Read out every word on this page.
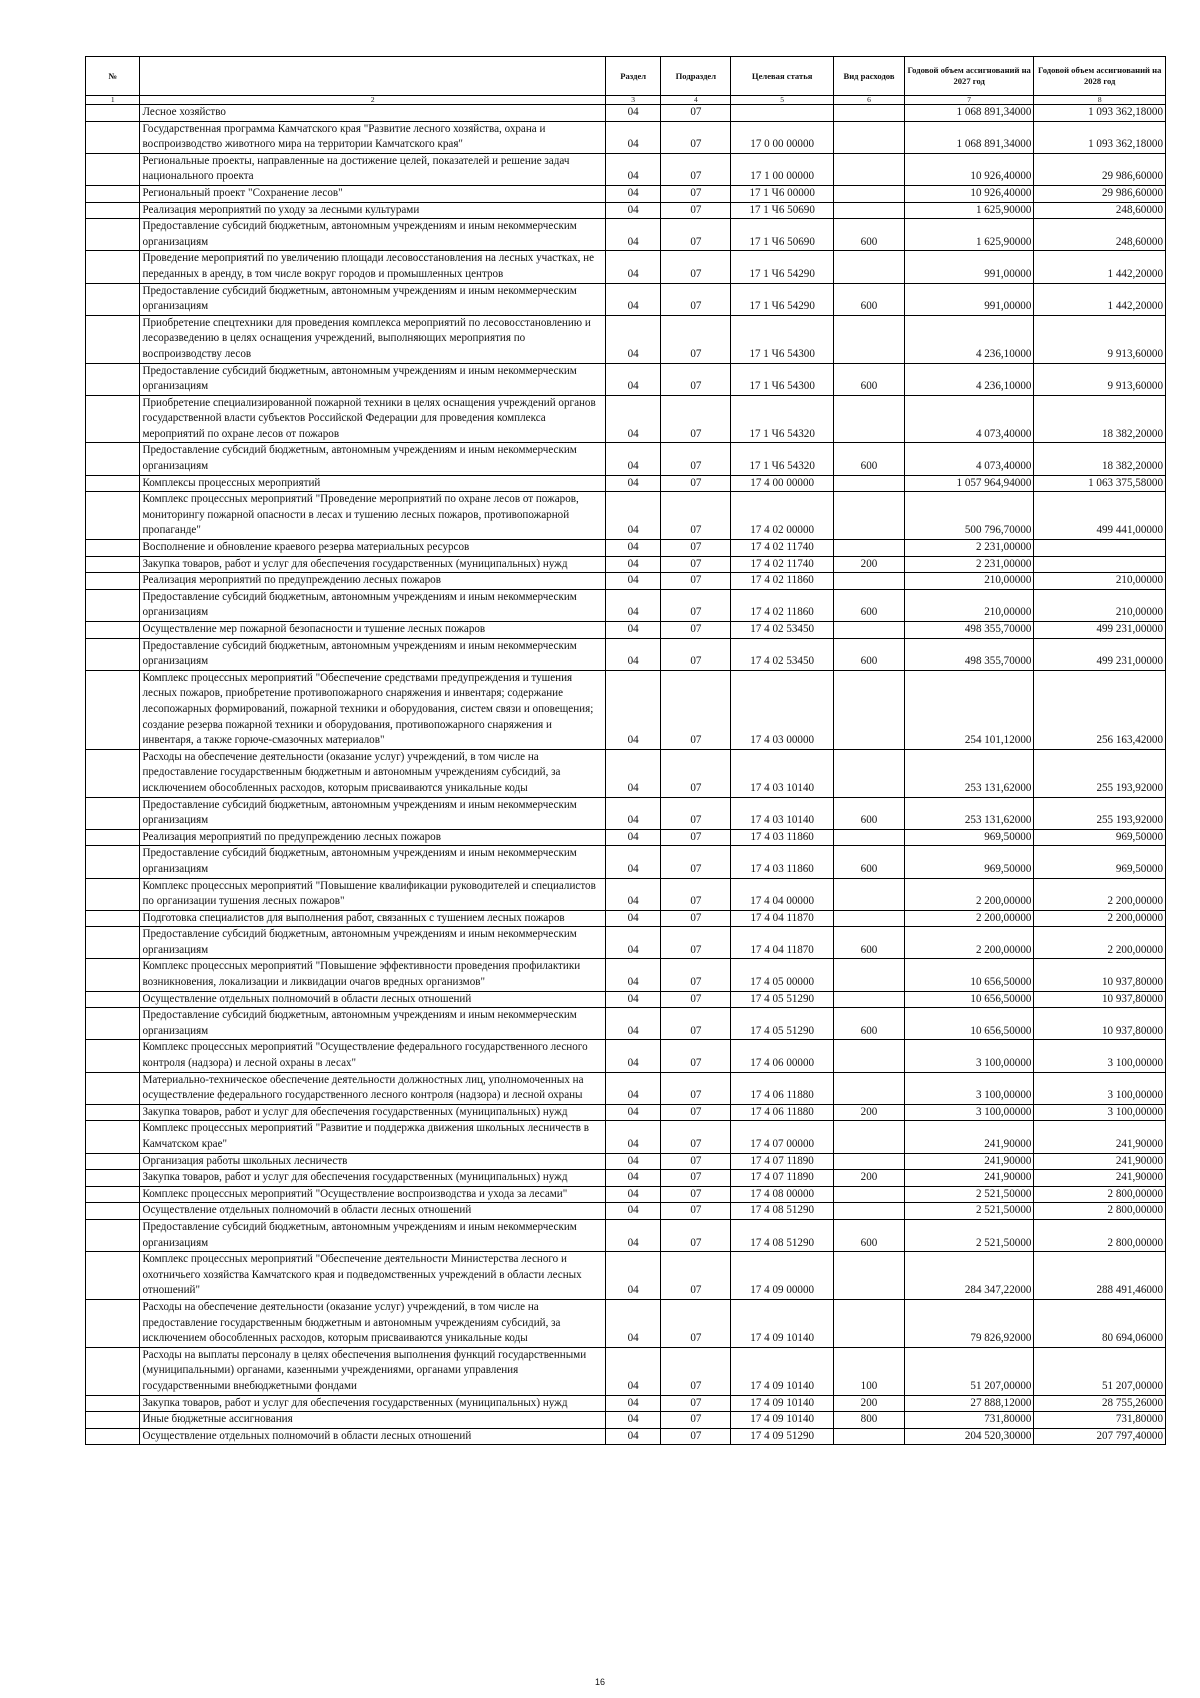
№		Раздел	Подраздел	Целевая статья	Вид расходов	Годовой объем ассигнований на 2027 год	Годовой объем ассигнований на 2028 год
1	2	3	4	5	6	7	8
	Лесное хозяйство	04	07			1 068 891,34000	1 093 362,18000
	Государственная программа Камчатского края "Развитие лесного хозяйства, охрана и воспроизводство животного мира на территории Камчатского края"	04	07	17 0 00 00000		1 068 891,34000	1 093 362,18000
	Региональные проекты, направленные на достижение целей, показателей и решение задач национального проекта	04	07	17 1 00 00000		10 926,40000	29 986,60000
	Региональный проект "Сохранение лесов"	04	07	17 1 Ч6 00000		10 926,40000	29 986,60000
	Реализация мероприятий по уходу за лесными культурами	04	07	17 1 Ч6 50690		1 625,90000	248,60000
	Предоставление субсидий бюджетным, автономным учреждениям и иным некоммерческим организациям	04	07	17 1 Ч6 50690	600	1 625,90000	248,60000
	Проведение мероприятий по увеличению площади лесовосстановления на лесных участках, не переданных в аренду, в том числе вокруг городов и промышленных центров	04	07	17 1 Ч6 54290		991,00000	1 442,20000
	Предоставление субсидий бюджетным, автономным учреждениям и иным некоммерческим организациям	04	07	17 1 Ч6 54290	600	991,00000	1 442,20000
	Приобретение спецтехники для проведения комплекса мероприятий по лесовосстановлению и лесоразведению в целях оснащения учреждений, выполняющих мероприятия по воспроизводству лесов	04	07	17 1 Ч6 54300		4 236,10000	9 913,60000
	Предоставление субсидий бюджетным, автономным учреждениям и иным некоммерческим организациям	04	07	17 1 Ч6 54300	600	4 236,10000	9 913,60000
	Приобретение специализированной пожарной техники в целях оснащения учреждений органов государственной власти субъектов Российской Федерации для проведения комплекса мероприятий по охране лесов от пожаров	04	07	17 1 Ч6 54320		4 073,40000	18 382,20000
	Предоставление субсидий бюджетным, автономным учреждениям и иным некоммерческим организациям	04	07	17 1 Ч6 54320	600	4 073,40000	18 382,20000
	Комплексы процессных мероприятий	04	07	17 4 00 00000		1 057 964,94000	1 063 375,58000
	Комплекс процессных мероприятий "Проведение мероприятий по охране лесов от пожаров, мониторингу пожарной опасности в лесах и тушению лесных пожаров, противопожарной пропаганде"	04	07	17 4 02 00000		500 796,70000	499 441,00000
	Восполнение и обновление краевого резерва материальных ресурсов	04	07	17 4 02 11740		2 231,00000	
	Закупка товаров, работ и услуг для обеспечения государственных (муниципальных) нужд	04	07	17 4 02 11740	200	2 231,00000	
	Реализация мероприятий по предупреждению лесных пожаров	04	07	17 4 02 11860		210,00000	210,00000
	Предоставление субсидий бюджетным, автономным учреждениям и иным некоммерческим организациям	04	07	17 4 02 11860	600	210,00000	210,00000
	Осуществление мер пожарной безопасности и тушение лесных пожаров	04	07	17 4 02 53450		498 355,70000	499 231,00000
	Предоставление субсидий бюджетным, автономным учреждениям и иным некоммерческим организациям	04	07	17 4 02 53450	600	498 355,70000	499 231,00000
	Комплекс процессных мероприятий "Обеспечение средствами предупреждения и тушения лесных пожаров, приобретение противопожарного снаряжения и инвентаря; содержание лесопожарных формирований, пожарной техники и оборудования, систем связи и оповещения; создание резерва пожарной техники и оборудования, противопожарного снаряжения и инвентаря, а также горюче-смазочных материалов"	04	07	17 4 03 00000		254 101,12000	256 163,42000
	Расходы на обеспечение деятельности (оказание услуг) учреждений, в том числе на предоставление государственным бюджетным и автономным учреждениям субсидий, за исключением обособленных расходов, которым присваиваются уникальные коды	04	07	17 4 03 10140		253 131,62000	255 193,92000
	Предоставление субсидий бюджетным, автономным учреждениям и иным некоммерческим организациям	04	07	17 4 03 10140	600	253 131,62000	255 193,92000
	Реализация мероприятий по предупреждению лесных пожаров	04	07	17 4 03 11860		969,50000	969,50000
	Предоставление субсидий бюджетным, автономным учреждениям и иным некоммерческим организациям	04	07	17 4 03 11860	600	969,50000	969,50000
	Комплекс процессных мероприятий "Повышение квалификации руководителей и специалистов по организации тушения лесных пожаров"	04	07	17 4 04 00000		2 200,00000	2 200,00000
	Подготовка специалистов для выполнения работ, связанных с тушением лесных пожаров	04	07	17 4 04 11870		2 200,00000	2 200,00000
	Предоставление субсидий бюджетным, автономным учреждениям и иным некоммерческим организациям	04	07	17 4 04 11870	600	2 200,00000	2 200,00000
	Комплекс процессных мероприятий "Повышение эффективности проведения профилактики возникновения, локализации и ликвидации очагов вредных организмов"	04	07	17 4 05 00000		10 656,50000	10 937,80000
	Осуществление отдельных полномочий в области лесных отношений	04	07	17 4 05 51290		10 656,50000	10 937,80000
	Предоставление субсидий бюджетным, автономным учреждениям и иным некоммерческим организациям	04	07	17 4 05 51290	600	10 656,50000	10 937,80000
	Комплекс процессных мероприятий "Осуществление федерального государственного лесного контроля (надзора) и лесной охраны в лесах"	04	07	17 4 06 00000		3 100,00000	3 100,00000
	Материально-техническое обеспечение деятельности должностных лиц, уполномоченных на осуществление федерального государственного лесного контроля (надзора) и лесной охраны	04	07	17 4 06 11880		3 100,00000	3 100,00000
	Закупка товаров, работ и услуг для обеспечения государственных (муниципальных) нужд	04	07	17 4 06 11880	200	3 100,00000	3 100,00000
	Комплекс процессных мероприятий "Развитие и поддержка движения школьных лесничеств в Камчатском крае"	04	07	17 4 07 00000		241,90000	241,90000
	Организация работы школьных лесничеств	04	07	17 4 07 11890		241,90000	241,90000
	Закупка товаров, работ и услуг для обеспечения государственных (муниципальных) нужд	04	07	17 4 07 11890	200	241,90000	241,90000
	Комплекс процессных мероприятий "Осуществление воспроизводства и ухода за лесами"	04	07	17 4 08 00000		2 521,50000	2 800,00000
	Осуществление отдельных полномочий в области лесных отношений	04	07	17 4 08 51290		2 521,50000	2 800,00000
	Предоставление субсидий бюджетным, автономным учреждениям и иным некоммерческим организациям	04	07	17 4 08 51290	600	2 521,50000	2 800,00000
	Комплекс процессных мероприятий "Обеспечение деятельности Министерства лесного и охотничьего хозяйства Камчатского края и подведомственных учреждений в области лесных отношений"	04	07	17 4 09 00000		284 347,22000	288 491,46000
	Расходы на обеспечение деятельности (оказание услуг) учреждений, в том числе на предоставление государственным бюджетным и автономным учреждениям субсидий, за исключением обособленных расходов, которым присваиваются уникальные коды	04	07	17 4 09 10140		79 826,92000	80 694,06000
	Расходы на выплаты персоналу в целях обеспечения выполнения функций государственными (муниципальными) органами, казенными учреждениями, органами управления государственными внебюджетными фондами	04	07	17 4 09 10140	100	51 207,00000	51 207,00000
	Закупка товаров, работ и услуг для обеспечения государственных (муниципальных) нужд	04	07	17 4 09 10140	200	27 888,12000	28 755,26000
	Иные бюджетные ассигнования	04	07	17 4 09 10140	800	731,80000	731,80000
	Осуществление отдельных полномочий в области лесных отношений	04	07	17 4 09 51290		204 520,30000	207 797,40000
16
